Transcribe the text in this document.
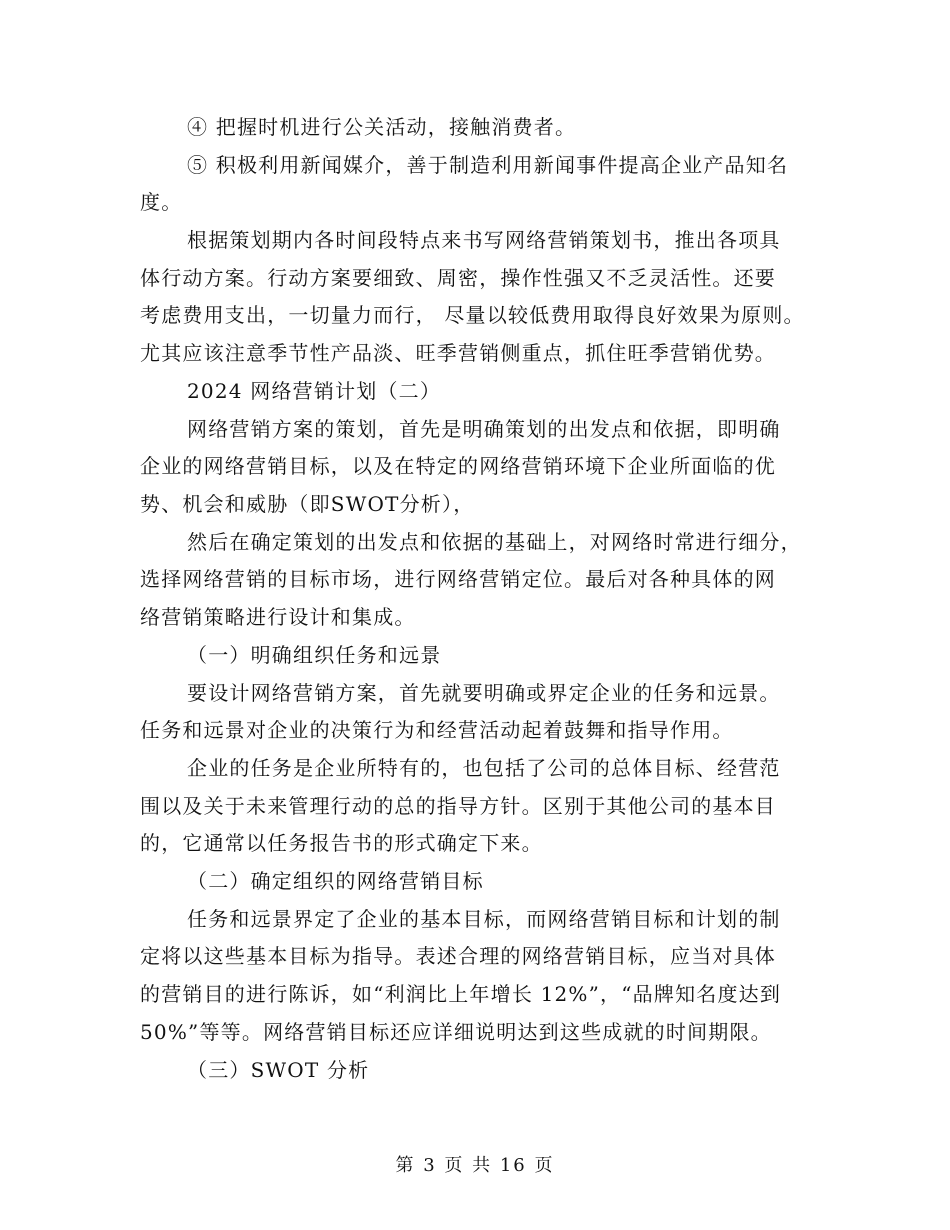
④ 把握时机进行公关活动，接触消费者。
⑤ 积极利用新闻媒介，善于制造利用新闻事件提高企业产品知名
度。
根据策划期内各时间段特点来书写网络营销策划书，推出各项具
体行动方案。行动方案要细致、周密，操作性强又不乏灵活性。还要
考虑费用支出，一切量力而行， 尽量以较低费用取得良好效果为原则。
尤其应该注意季节性产品淡、旺季营销侧重点，抓住旺季营销优势。
2024 网络营销计划（二）
网络营销方案的策划，首先是明确策划的出发点和依据，即明确
企业的网络营销目标，以及在特定的网络营销环境下企业所面临的优
势、机会和威胁（即SWOT分析），
然后在确定策划的出发点和依据的基础上，对网络时常进行细分，
选择网络营销的目标市场，进行网络营销定位。最后对各种具体的网
络营销策略进行设计和集成。
（一）明确组织任务和远景
要设计网络营销方案，首先就要明确或界定企业的任务和远景。
任务和远景对企业的决策行为和经营活动起着鼓舞和指导作用。
企业的任务是企业所特有的，也包括了公司的总体目标、经营范
围以及关于未来管理行动的总的指导方针。区别于其他公司的基本目
的，它通常以任务报告书的形式确定下来。
（二）确定组织的网络营销目标
任务和远景界定了企业的基本目标，而网络营销目标和计划的制
定将以这些基本目标为指导。表述合理的网络营销目标，应当对具体
的营销目的进行陈诉，如“利润比上年增长 12%”，“品牌知名度达到
50%”等等。网络营销目标还应详细说明达到这些成就的时间期限。
（三）SWOT 分析
第 3 页 共 16 页
